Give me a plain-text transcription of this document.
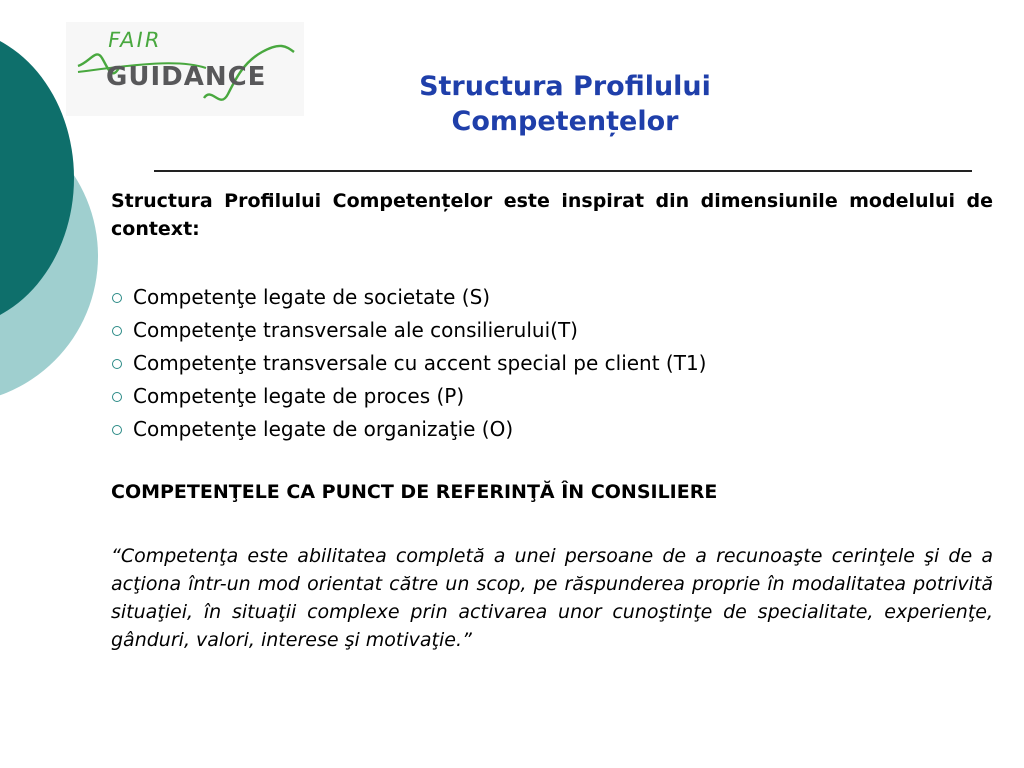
FAIR
GUIDANCE	Structura Profilului
Competențelor
Structura Profilului Competențelor este inspirat din dimensiunile modelului de context:
Competenţe legate de societate (S)
Competenţe transversale ale consilierului(T)
Competenţe transversale cu accent special pe client (T1)
Competenţe legate de proces (P)
Competenţe legate de organizaţie (O)
COMPETENŢELE CA PUNCT DE REFERINŢĂ ÎN CONSILIERE
“Competenţa este abilitatea completă a unei persoane de a recunoaşte cerinţele şi de a acţiona într-un mod orientat către un scop, pe răspunderea proprie în modalitatea potrivită situaţiei, în situaţii complexe prin activarea unor cunoştinţe de specialitate, experienţe, gânduri, valori, interese şi motivaţie.”
